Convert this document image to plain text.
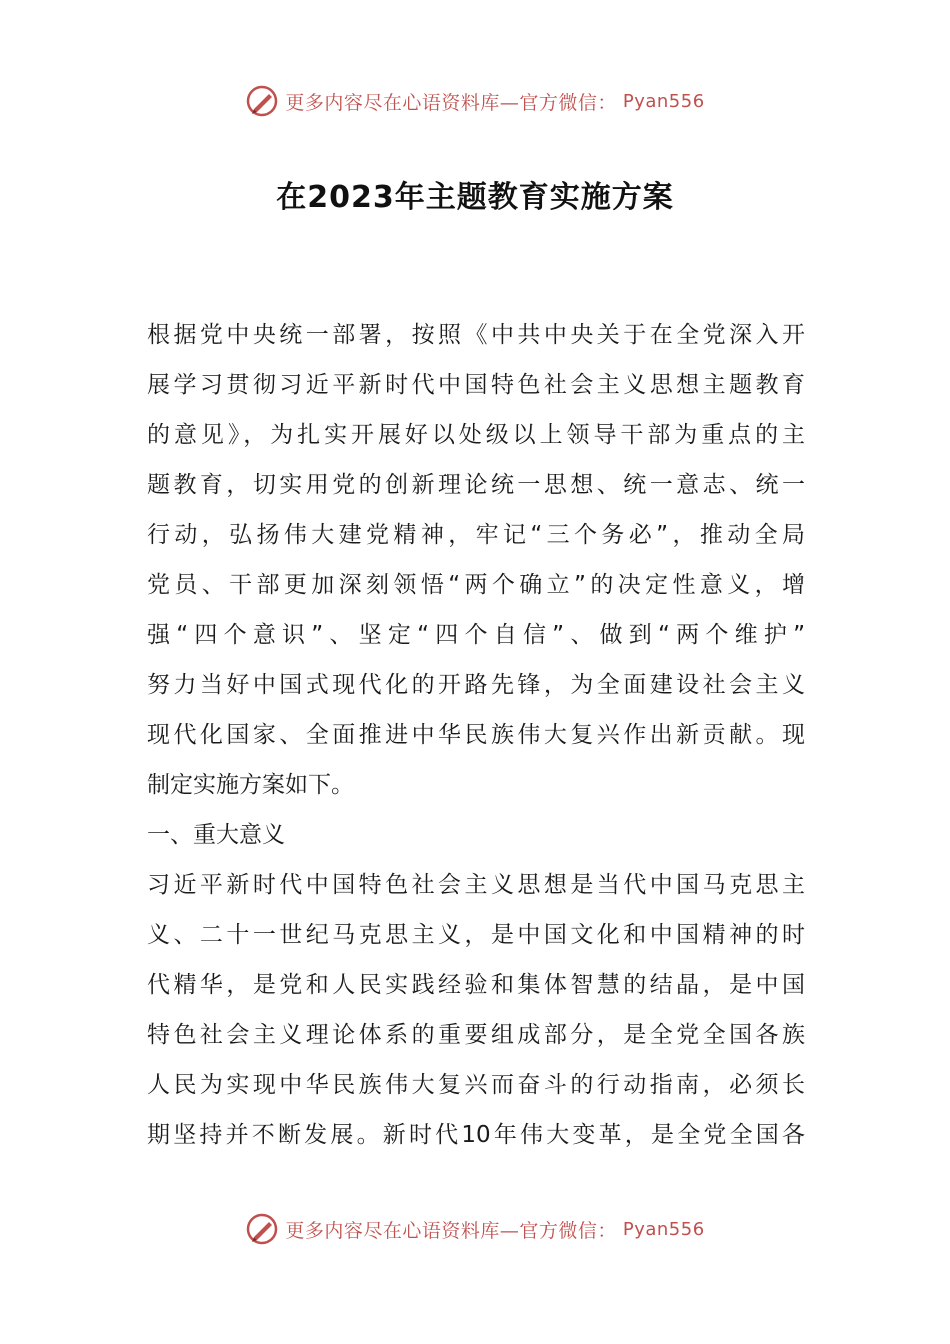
更多内容尽在心语资料库—官方微信： Pyan556
在2023年主题教育实施方案
根据党中央统一部署，按照《中共中央关于在全党深入开
展学习贯彻习近平新时代中国特色社会主义思想主题教育
的意见》，为扎实开展好以处级以上领导干部为重点的主
题教育，切实用党的创新理论统一思想、统一意志、统一
行动，弘扬伟大建党精神，牢记“三个务必”，推动全局
党员、干部更加深刻领悟“两个确立”的决定性意义，增
强“四个意识”、坚定“四个自信”、做到“两个维护”
努力当好中国式现代化的开路先锋，为全面建设社会主义
现代化国家、全面推进中华民族伟大复兴作出新贡献。现
制定实施方案如下。
一、重大意义
习近平新时代中国特色社会主义思想是当代中国马克思主
义、二十一世纪马克思主义，是中国文化和中国精神的时
代精华，是党和人民实践经验和集体智慧的结晶，是中国
特色社会主义理论体系的重要组成部分，是全党全国各族
人民为实现中华民族伟大复兴而奋斗的行动指南，必须长
期坚持并不断发展。新时代10年伟大变革，是全党全国各
更多内容尽在心语资料库—官方微信： Pyan556
